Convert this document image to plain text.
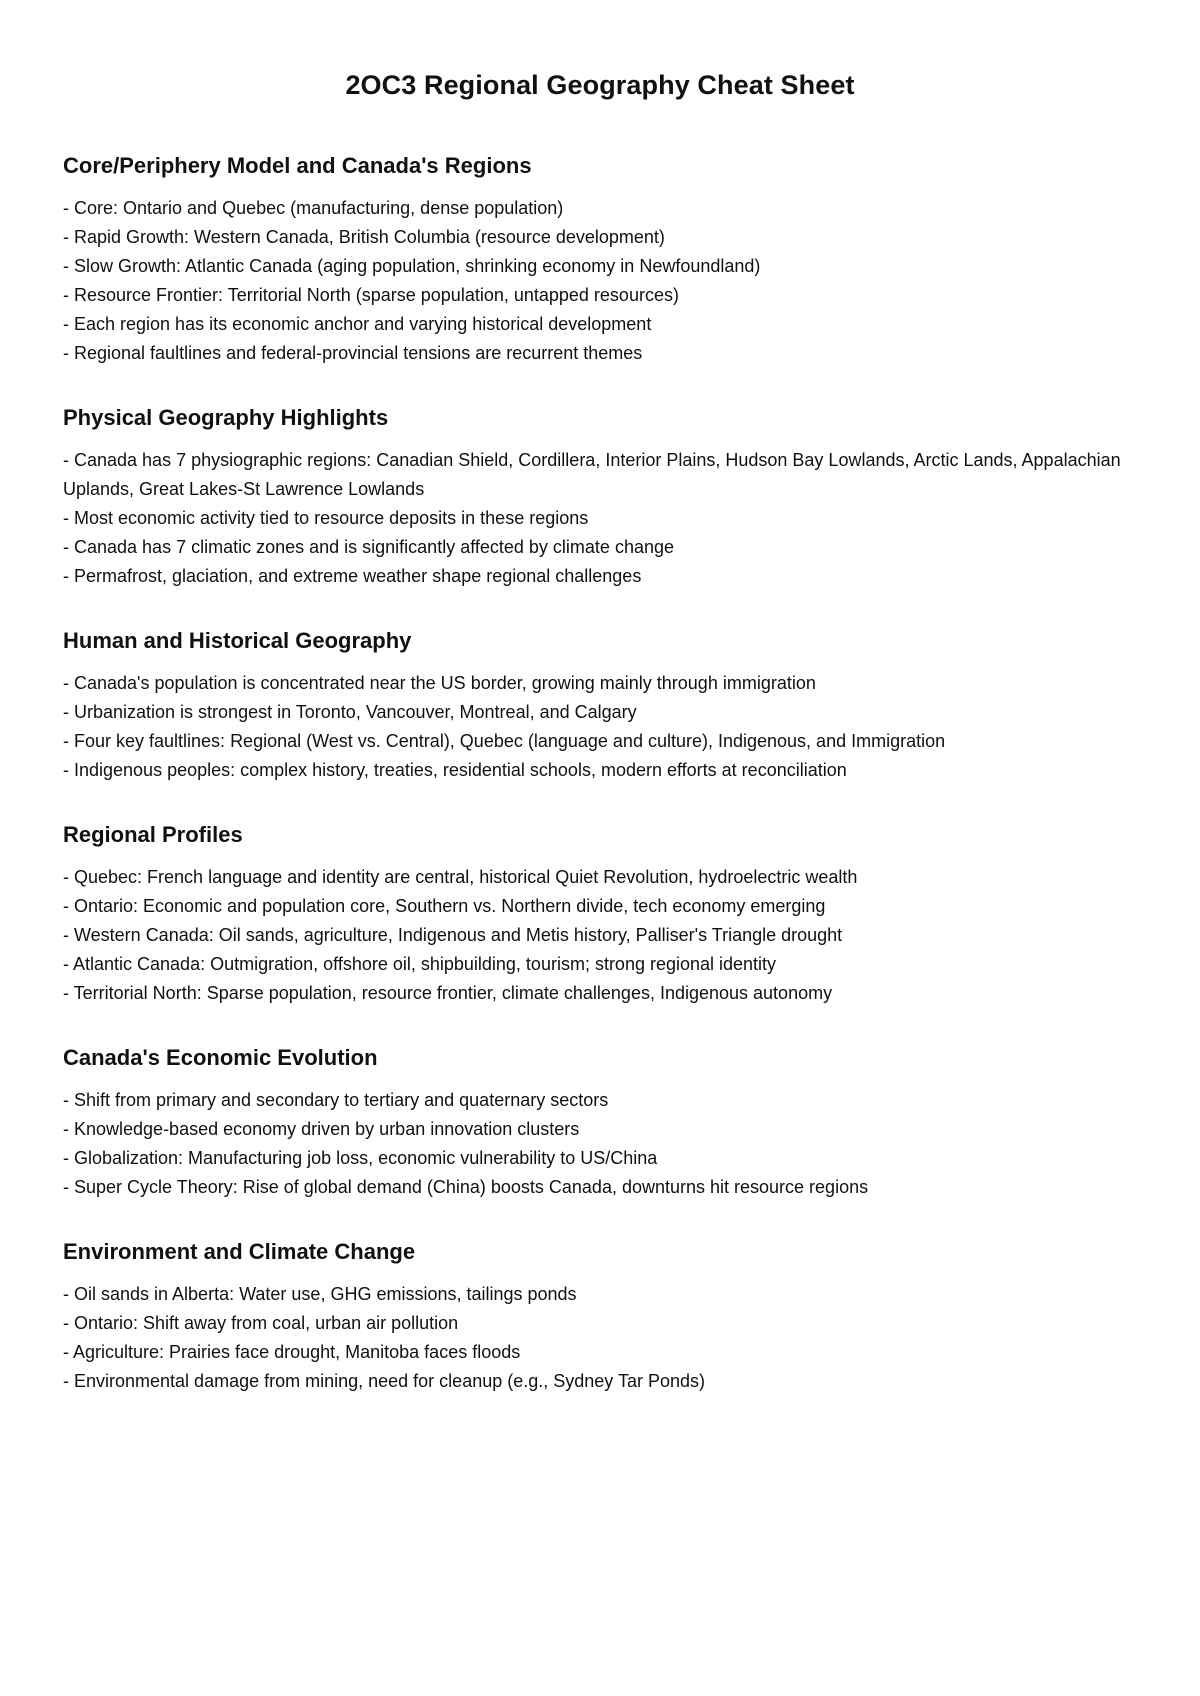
2OC3 Regional Geography Cheat Sheet
Core/Periphery Model and Canada's Regions
- Core: Ontario and Quebec (manufacturing, dense population)
- Rapid Growth: Western Canada, British Columbia (resource development)
- Slow Growth: Atlantic Canada (aging population, shrinking economy in Newfoundland)
- Resource Frontier: Territorial North (sparse population, untapped resources)
- Each region has its economic anchor and varying historical development
- Regional faultlines and federal-provincial tensions are recurrent themes
Physical Geography Highlights
- Canada has 7 physiographic regions: Canadian Shield, Cordillera, Interior Plains, Hudson Bay Lowlands, Arctic Lands, Appalachian Uplands, Great Lakes-St Lawrence Lowlands
- Most economic activity tied to resource deposits in these regions
- Canada has 7 climatic zones and is significantly affected by climate change
- Permafrost, glaciation, and extreme weather shape regional challenges
Human and Historical Geography
- Canada's population is concentrated near the US border, growing mainly through immigration
- Urbanization is strongest in Toronto, Vancouver, Montreal, and Calgary
- Four key faultlines: Regional (West vs. Central), Quebec (language and culture), Indigenous, and Immigration
- Indigenous peoples: complex history, treaties, residential schools, modern efforts at reconciliation
Regional Profiles
- Quebec: French language and identity are central, historical Quiet Revolution, hydroelectric wealth
- Ontario: Economic and population core, Southern vs. Northern divide, tech economy emerging
- Western Canada: Oil sands, agriculture, Indigenous and Metis history, Palliser's Triangle drought
- Atlantic Canada: Outmigration, offshore oil, shipbuilding, tourism; strong regional identity
- Territorial North: Sparse population, resource frontier, climate challenges, Indigenous autonomy
Canada's Economic Evolution
- Shift from primary and secondary to tertiary and quaternary sectors
- Knowledge-based economy driven by urban innovation clusters
- Globalization: Manufacturing job loss, economic vulnerability to US/China
- Super Cycle Theory: Rise of global demand (China) boosts Canada, downturns hit resource regions
Environment and Climate Change
- Oil sands in Alberta: Water use, GHG emissions, tailings ponds
- Ontario: Shift away from coal, urban air pollution
- Agriculture: Prairies face drought, Manitoba faces floods
- Environmental damage from mining, need for cleanup (e.g., Sydney Tar Ponds)
